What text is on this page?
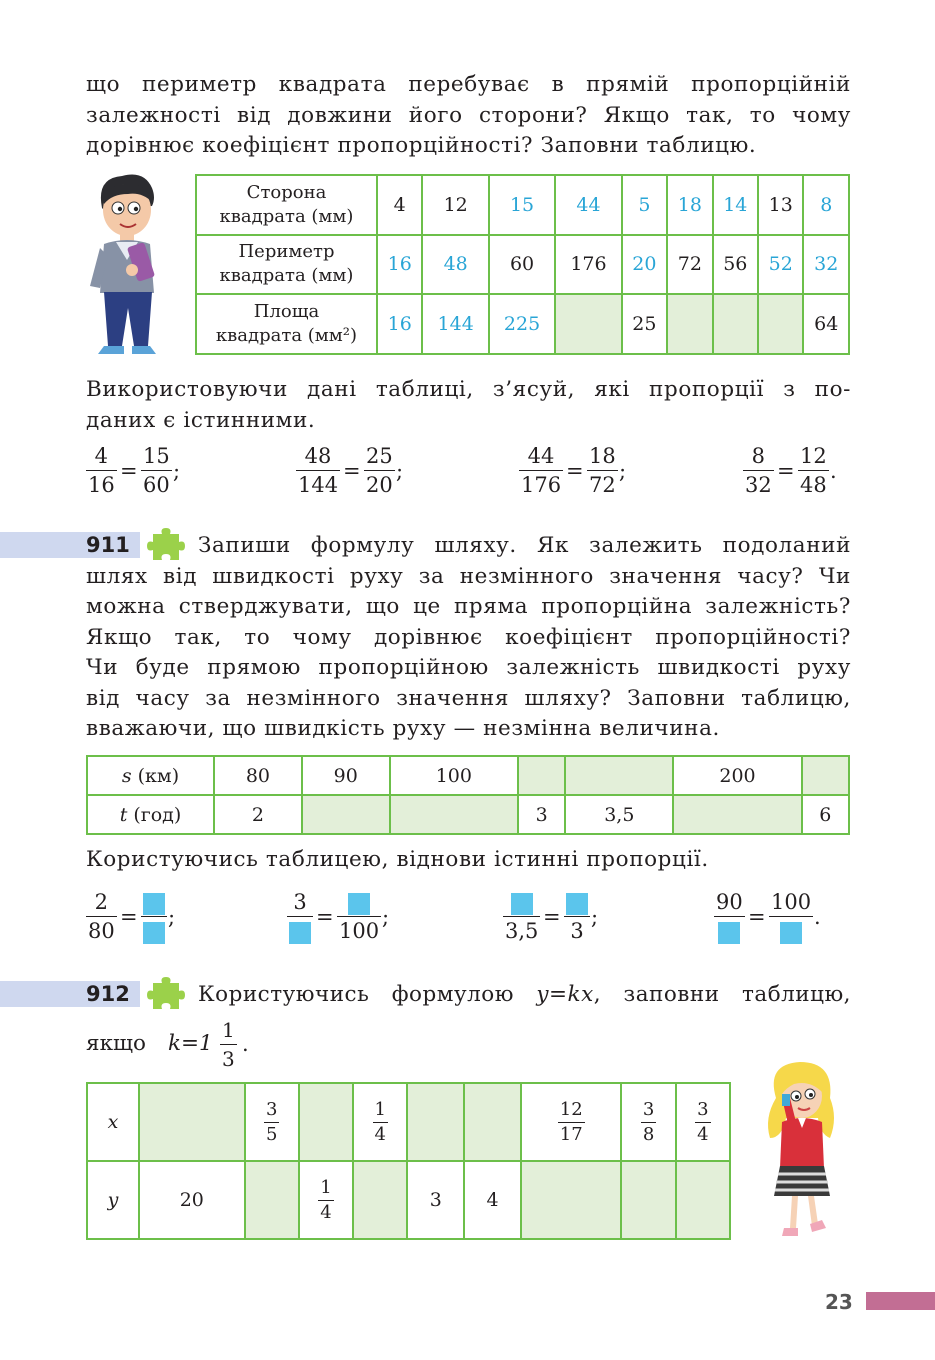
що периметр квадрата перебуває в прямій пропорційній
залежності від довжини його сторони? Якщо так, то чому
дорівнює коефіцієнт пропорційності? Заповни таблицю.
Сторона
квадрата (мм)	4	12	15	44	5	18	14	13	8

Периметр
квадрата (мм)	16	48	60	176	20	72	56	52	32

Площа
квадрата (мм²)	16	144	225		25				64
Використовуючи дані таблиці, з’ясуй, які пропорції з по-
даних є істинними.
4
16
=
15
60
;
48
144
=
25
20
;
44
176
=
18
72
;
8
32
=
12
48
.
911	Запиши формулу шляху. Як залежить подоланий
шлях від швидкості руху за незмінного значення часу? Чи
можна стверджувати, що це пряма пропорційна залежність?
Якщо так, то чому дорівнює коефіцієнт пропорційності?
Чи буде прямою пропорційною залежність швидкості руху
від часу за незмінного значення шляху? Заповни таблицю,
вважаючи, що швидкість руху — незмінна величина.
s (км)	80	90	100			200	
t (год)	2			3	3,5		6
Користуючись таблицею, віднови істинні пропорції.
2
80
= ;
3
=
100
;
3,5
=
3
;
90
=
100
.
912	Користуючись формулою y=kx, заповни таблицю,
якщо k=1
1
3
.
x		$\frac{3}{5}$		$\frac{1}{4}$			$\frac{12}{17}$	$\frac{3}{8}$	$\frac{3}{4}$

y	20		$\frac{1}{4}$		3	4			
23
